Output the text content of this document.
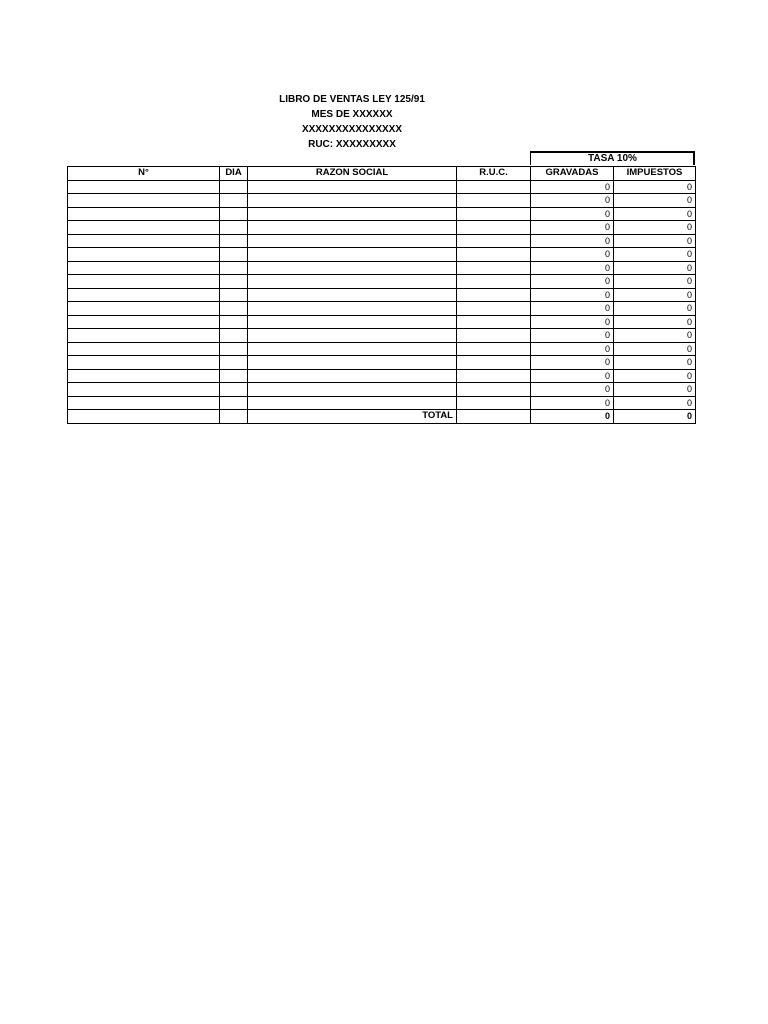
LIBRO DE VENTAS LEY 125/91
MES DE XXXXXX
XXXXXXXXXXXXXXX
RUC: XXXXXXXXX
TASA 10%
N°	DIA	RAZON SOCIAL	R.U.C.	GRAVADAS	IMPUESTOS
				0	0
				0	0
				0	0
				0	0
				0	0
				0	0
				0	0
				0	0
				0	0
				0	0
				0	0
				0	0
				0	0
				0	0
				0	0
				0	0
				0	0
		TOTAL		0	0
